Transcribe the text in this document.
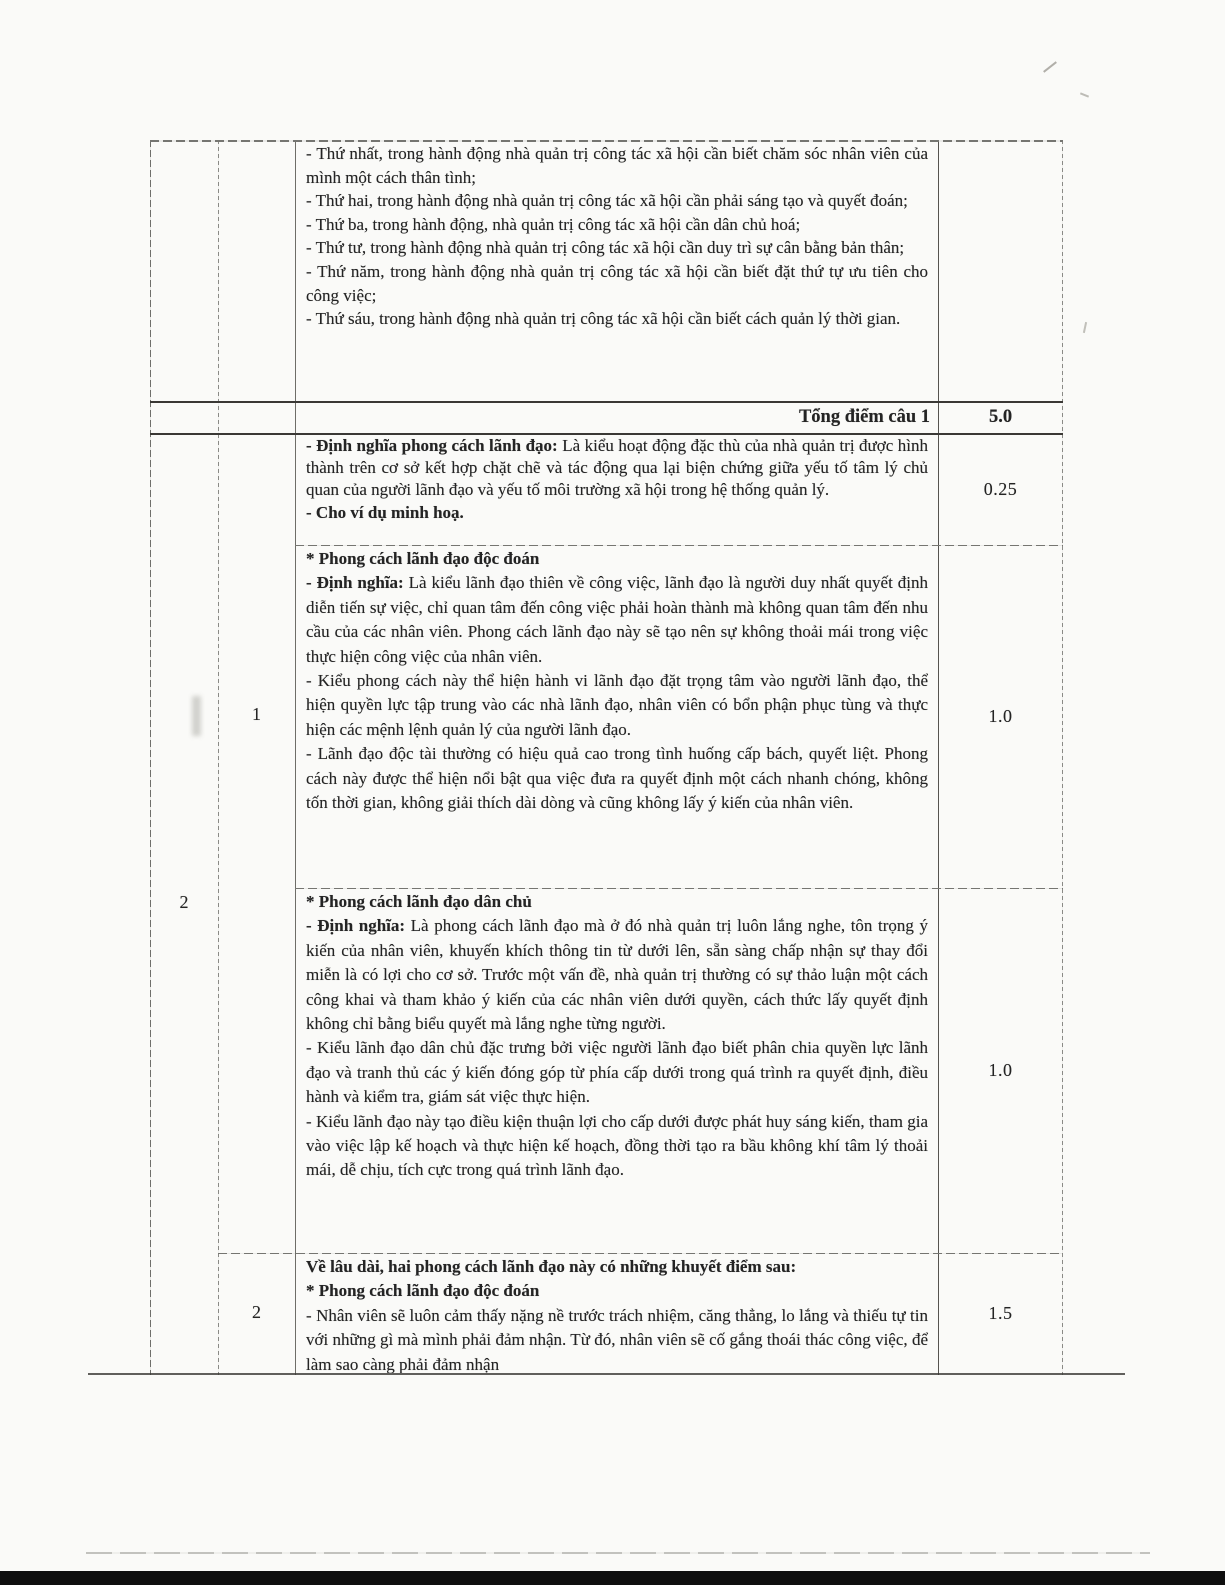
- Thứ nhất, trong hành động nhà quản trị công tác xã hội cần biết chăm sóc nhân viên của mình một cách thân tình;

- Thứ hai, trong hành động nhà quản trị công tác xã hội cần phải sáng tạo và quyết đoán;

- Thứ ba, trong hành động, nhà quản trị công tác xã hội cần dân chủ hoá;

- Thứ tư, trong hành động nhà quản trị công tác xã hội cần duy trì sự cân bằng bản thân;

- Thứ năm, trong hành động nhà quản trị công tác xã hội cần biết đặt thứ tự ưu tiên cho công việc;

- Thứ sáu, trong hành động nhà quản trị công tác xã hội cần biết cách quản lý thời gian.

Tổng điểm câu 1	5.0
2
1
2

- Định nghĩa phong cách lãnh đạo: Là kiểu hoạt động đặc thù của nhà quản trị được hình thành trên cơ sở kết hợp chặt chẽ và tác động qua lại biện chứng giữa yếu tố tâm lý chủ quan của người lãnh đạo và yếu tố môi trường xã hội trong hệ thống quản lý.

- Cho ví dụ minh hoạ.

0.25

* Phong cách lãnh đạo độc đoán

- Định nghĩa: Là kiểu lãnh đạo thiên về công việc, lãnh đạo là người duy nhất quyết định diễn tiến sự việc, chỉ quan tâm đến công việc phải hoàn thành mà không quan tâm đến nhu cầu của các nhân viên. Phong cách lãnh đạo này sẽ tạo nên sự không thoải mái trong việc thực hiện công việc của nhân viên.

- Kiểu phong cách này thể hiện hành vi lãnh đạo đặt trọng tâm vào người lãnh đạo, thể hiện quyền lực tập trung vào các nhà lãnh đạo, nhân viên có bổn phận phục tùng và thực hiện các mệnh lệnh quản lý của người lãnh đạo.

- Lãnh đạo độc tài thường có hiệu quả cao trong tình huống cấp bách, quyết liệt. Phong cách này được thể hiện nổi bật qua việc đưa ra quyết định một cách nhanh chóng, không tốn thời gian, không giải thích dài dòng và cũng không lấy ý kiến của nhân viên.

1.0

* Phong cách lãnh đạo dân chủ

- Định nghĩa: Là phong cách lãnh đạo mà ở đó nhà quản trị luôn lắng nghe, tôn trọng ý kiến của nhân viên, khuyến khích thông tin từ dưới lên, sẵn sàng chấp nhận sự thay đổi miễn là có lợi cho cơ sở. Trước một vấn đề, nhà quản trị thường có sự thảo luận một cách công khai và tham khảo ý kiến của các nhân viên dưới quyền, cách thức lấy quyết định không chỉ bằng biểu quyết mà lắng nghe từng người.

- Kiểu lãnh đạo dân chủ đặc trưng bởi việc người lãnh đạo biết phân chia quyền lực lãnh đạo và tranh thủ các ý kiến đóng góp từ phía cấp dưới trong quá trình ra quyết định, điều hành và kiểm tra, giám sát việc thực hiện.

- Kiểu lãnh đạo này tạo điều kiện thuận lợi cho cấp dưới được phát huy sáng kiến, tham gia vào việc lập kế hoạch và thực hiện kế hoạch, đồng thời tạo ra bầu không khí tâm lý thoải mái, dễ chịu, tích cực trong quá trình lãnh đạo.

1.0

Về lâu dài, hai phong cách lãnh đạo này có những khuyết điểm sau:

* Phong cách lãnh đạo độc đoán

- Nhân viên sẽ luôn cảm thấy nặng nề trước trách nhiệm, căng thẳng, lo lắng và thiếu tự tin với những gì mà mình phải đảm nhận. Từ đó, nhân viên sẽ cố gắng thoái thác công việc, để làm sao càng phải đảm nhận

1.5
